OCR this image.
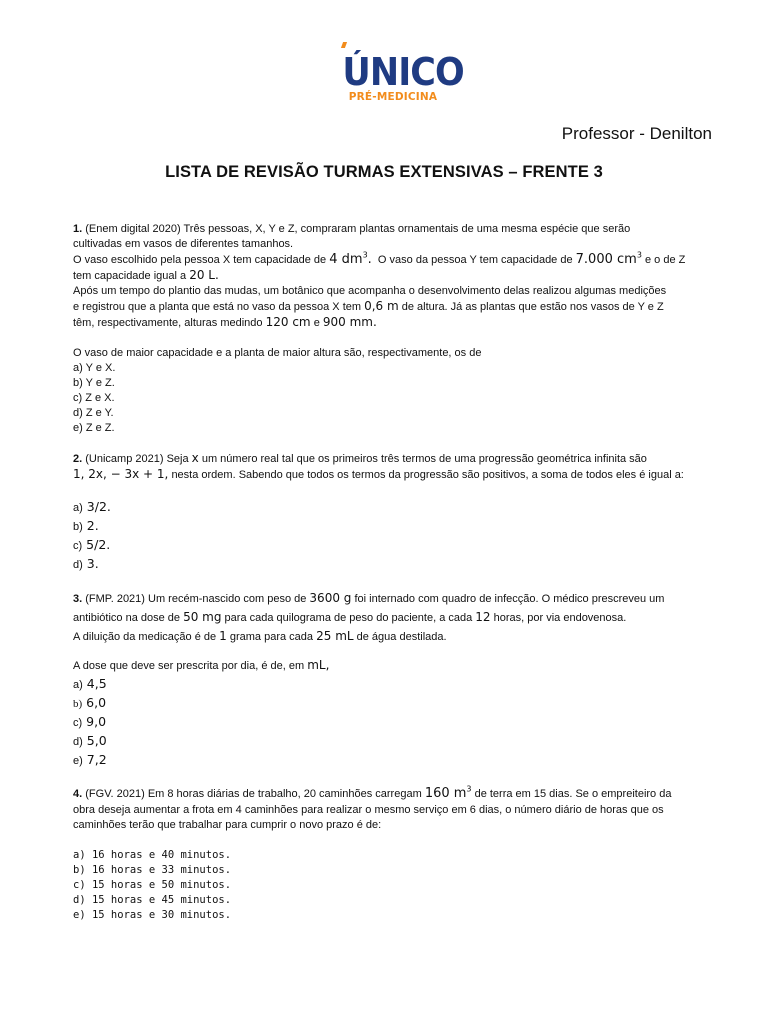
ÚNICO
PRÉ-MEDICINA
Professor - Denilton
LISTA DE REVISÃO TURMAS EXTENSIVAS – FRENTE 3

1. (Enem digital 2020) Três pessoas, X, Y e Z, compraram plantas ornamentais de uma mesma espécie que serão

cultivadas em vasos de diferentes tamanhos.

O vaso escolhido pela pessoa X tem capacidade de 4 $dm^3$. O vaso da pessoa Y tem capacidade de 7.000 $cm^3$ e o de Z

tem capacidade igual a 20 L.

Após um tempo do plantio das mudas, um botânico que acompanha o desenvolvimento delas realizou algumas medições

e registrou que a planta que está no vaso da pessoa X tem 0,6 m de altura. Já as plantas que estão nos vasos de Y e Z

têm, respectivamente, alturas medindo 120 cm e 900 mm.

O vaso de maior capacidade e a planta de maior altura são, respectivamente, os de

a) Y e X.

b) Y e Z.

c) Z e X.

d) Z e Y.

e) Z e Z.

2. (Unicamp 2021) Seja x um número real tal que os primeiros três termos de uma progressão geométrica infinita são

1, 2x, − 3x + 1, nesta ordem. Sabendo que todos os termos da progressão são positivos, a soma de todos eles é igual a:

a) 3/2.

b) 2.

c) 5/2.

d) 3.

3. (FMP. 2021) Um recém-nascido com peso de 3600 g foi internado com quadro de infecção. O médico prescreveu um

antibiótico na dose de 50 mg para cada quilograma de peso do paciente, a cada 12 horas, por via endovenosa.

A diluição da medicação é de 1 grama para cada 25 mL de água destilada.

A dose que deve ser prescrita por dia, é de, em mL,

a) 4,5

b) 6,0

c) 9,0

d) 5,0

e) 7,2

4. (FGV. 2021) Em 8 horas diárias de trabalho, 20 caminhões carregam 160 $m^3$ de terra em 15 dias. Se o empreiteiro da

obra deseja aumentar a frota em 4 caminhões para realizar o mesmo serviço em 6 dias, o número diário de horas que os

caminhões terão que trabalhar para cumprir o novo prazo é de:

a) 16 horas e 40 minutos.

b) 16 horas e 33 minutos.

c) 15 horas e 50 minutos.

d) 15 horas e 45 minutos.

e) 15 horas e 30 minutos.
